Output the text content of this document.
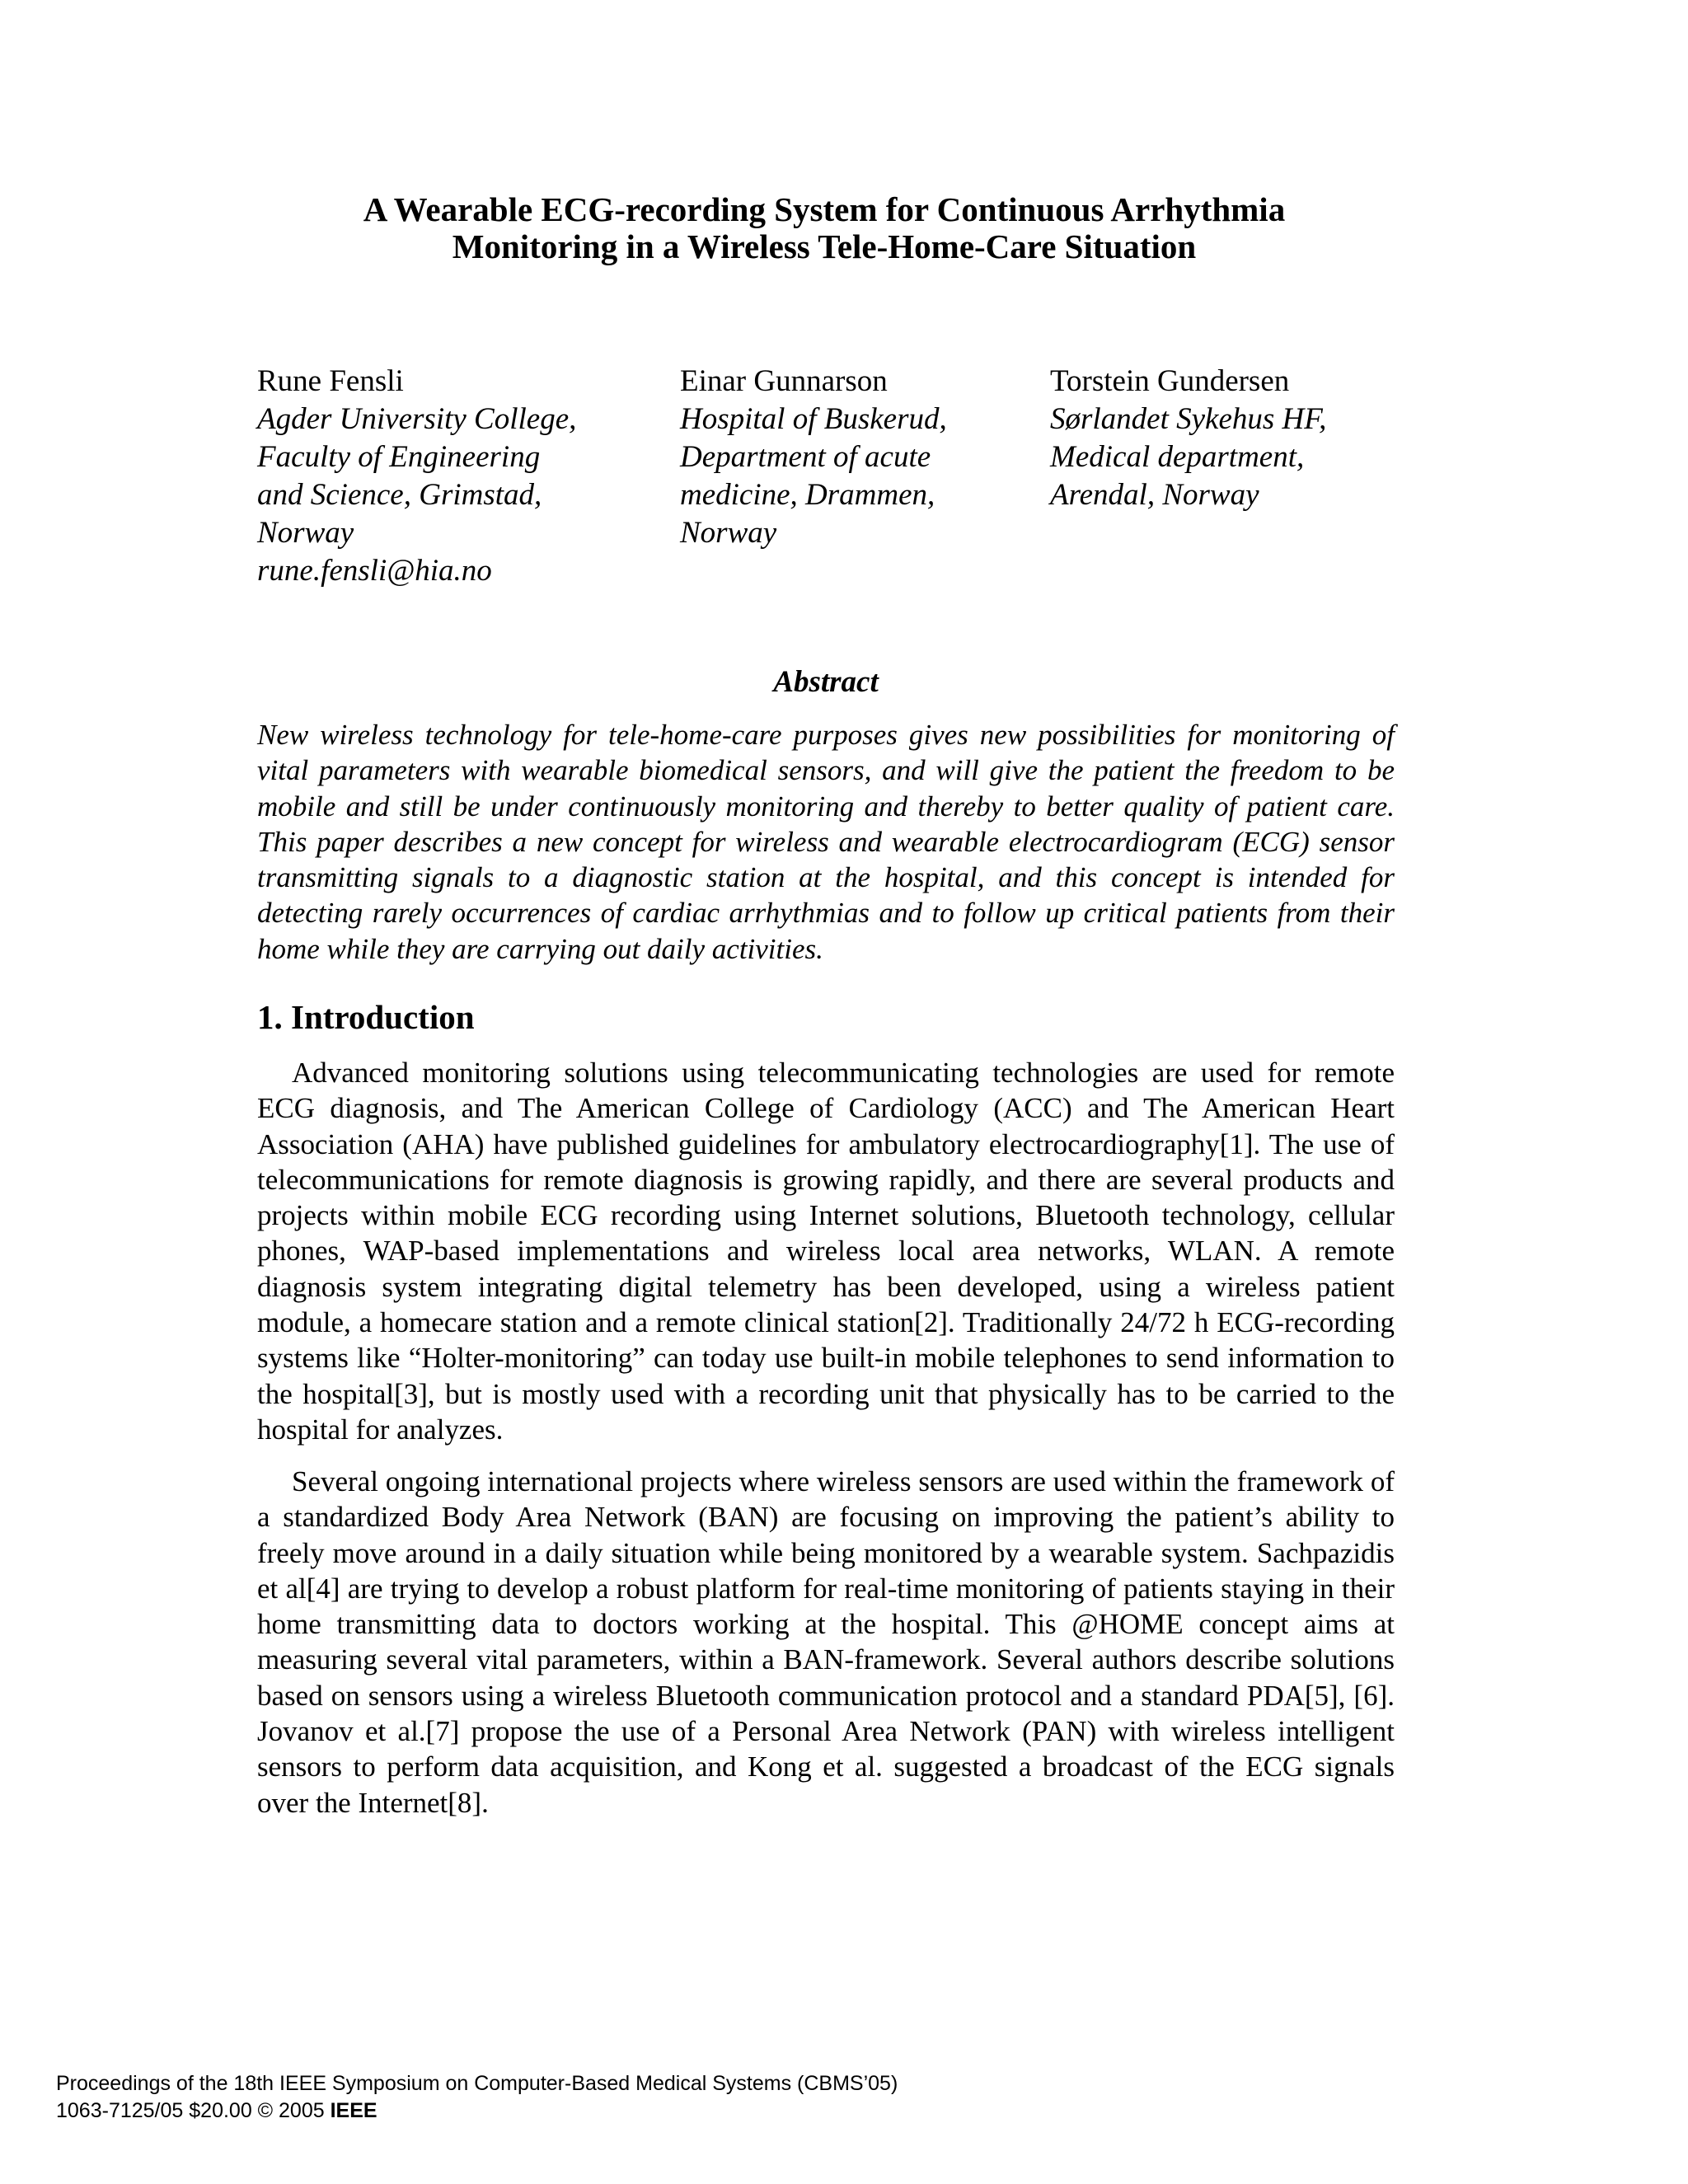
A Wearable ECG-recording System for Continuous Arrhythmia
Monitoring in a Wireless Tele-Home-Care Situation
Rune Fensli
Agder University College,
Faculty of Engineering
and Science, Grimstad,
Norway
rune.fensli@hia.no
Einar Gunnarson
Hospital of Buskerud,
Department of acute
medicine, Drammen,
Norway
Torstein Gundersen
Sørlandet Sykehus HF,
Medical department,
Arendal, Norway
Abstract

New wireless technology for tele-home-care purposes gives new possibilities for monitoring of vital parameters with wearable biomedical sensors, and will give the patient the freedom to be mobile and still be under continuously monitoring and thereby to better quality of patient care. This paper describes a new concept for wireless and wearable electrocardiogram (ECG) sensor transmitting signals to a diagnostic station at the hospital, and this concept is intended for detecting rarely occurrences of cardiac arrhythmias and to follow up critical patients from their home while they are carrying out daily activities.

1. Introduction

Advanced monitoring solutions using telecommunicating technologies are used for remote ECG diagnosis, and The American College of Cardiology (ACC) and The American Heart Association (AHA) have published guidelines for ambulatory electrocardiography[1]. The use of telecommunications for remote diagnosis is growing rapidly, and there are several products and projects within mobile ECG recording using Internet solutions, Bluetooth technology, cellular phones, WAP-based implementations and wireless local area networks, WLAN. A remote diagnosis system integrating digital telemetry has been developed, using a wireless patient module, a homecare station and a remote clinical station[2]. Traditionally 24/72 h ECG-recording systems like “Holter-monitoring” can today use built-in mobile telephones to send information to the hospital[3], but is mostly used with a recording unit that physically has to be carried to the hospital for analyzes.

Several ongoing international projects where wireless sensors are used within the framework of a standardized Body Area Network (BAN) are focusing on improving the patient’s ability to freely move around in a daily situation while being monitored by a wearable system. Sachpazidis et al[4] are trying to develop a robust platform for real-time monitoring of patients staying in their home transmitting data to doctors working at the hospital. This @HOME concept aims at measuring several vital parameters, within a BAN-framework. Several authors describe solutions based on sensors using a wireless Bluetooth communication protocol and a standard PDA[5], [6]. Jovanov et al.[7] propose the use of a Personal Area Network (PAN) with wireless intelligent sensors to perform data acquisition, and Kong et al. suggested a broadcast of the ECG signals over the Internet[8].

Proceedings of the 18th IEEE Symposium on Computer-Based Medical Systems (CBMS’05)
1063-7125/05 $20.00 © 2005 IEEE
